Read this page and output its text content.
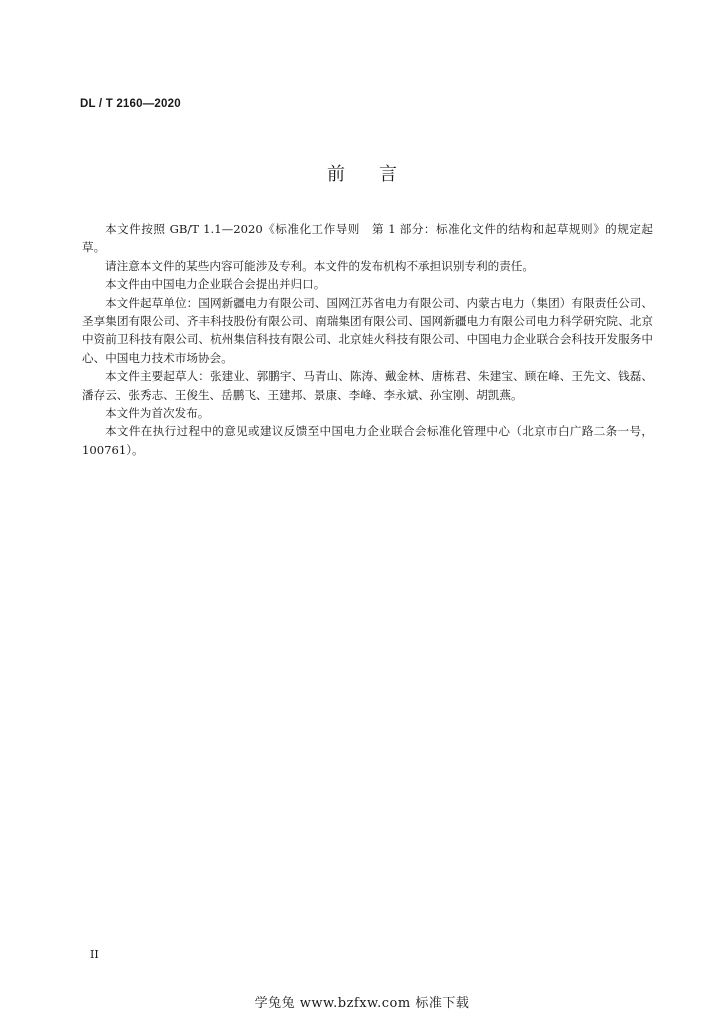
DL / T 2160—2020
前言

本文件按照 GB/T 1.1—2020《标准化工作导则　第 1 部分：标准化文件的结构和起草规则》的规定起草。

请注意本文件的某些内容可能涉及专利。本文件的发布机构不承担识别专利的责任。

本文件由中国电力企业联合会提出并归口。

本文件起草单位：国网新疆电力有限公司、国网江苏省电力有限公司、内蒙古电力（集团）有限责任公司、圣享集团有限公司、齐丰科技股份有限公司、南瑞集团有限公司、国网新疆电力有限公司电力科学研究院、北京中资前卫科技有限公司、杭州集信科技有限公司、北京娃火科技有限公司、中国电力企业联合会科技开发服务中心、中国电力技术市场协会。

本文件主要起草人：张建业、郭鹏宇、马青山、陈涛、戴金林、唐栋君、朱建宝、顾在峰、王先文、钱磊、潘存云、张秀志、王俊生、岳鹏飞、王建邦、景康、李峰、李永斌、孙宝刚、胡凯燕。

本文件为首次发布。

本文件在执行过程中的意见或建议反馈至中国电力企业联合会标准化管理中心（北京市白广路二条一号，100761）。

II
学兔兔 www.bzfxw.com 标准下载
